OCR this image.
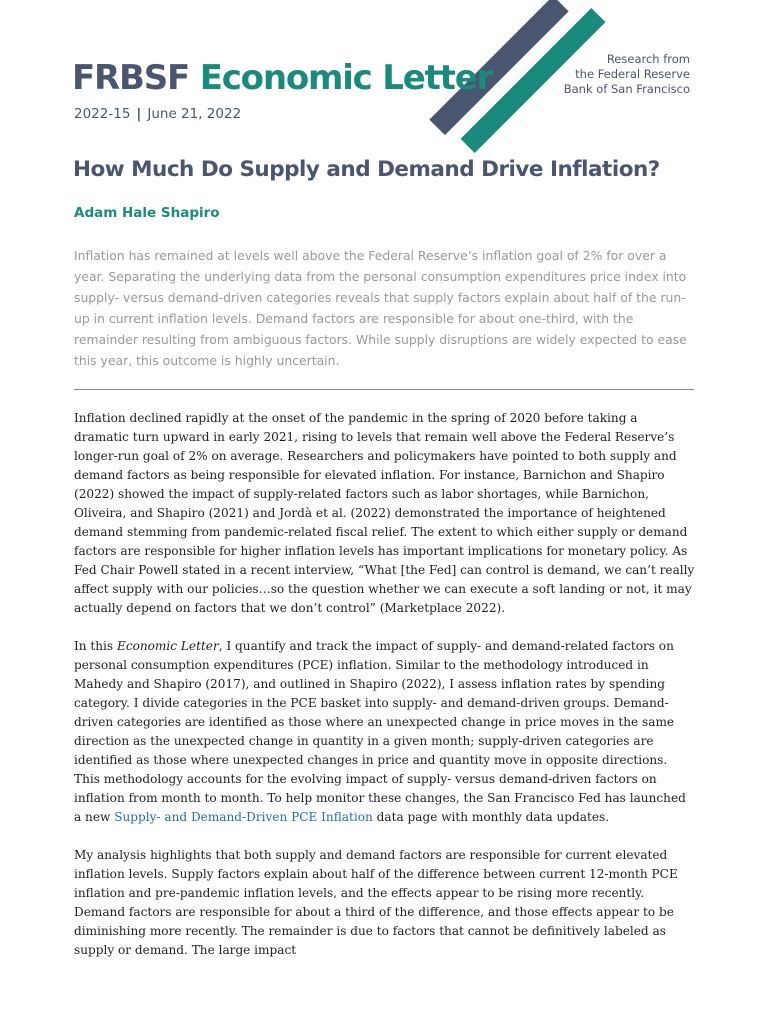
FRBSF Economic Letter	Research from
the Federal Reserve
Bank of San Francisco
2022-15 | June 21, 2022
How Much Do Supply and Demand Drive Inflation?
Adam Hale Shapiro

Inflation has remained at levels well above the Federal Reserve’s inflation goal of 2% for over a year. Separating the underlying data from the personal consumption expenditures price index into supply- versus demand-driven categories reveals that supply factors explain about half of the run-up in current inflation levels. Demand factors are responsible for about one-third, with the remainder resulting from ambiguous factors. While supply disruptions are widely expected to ease this year, this outcome is highly uncertain.

Inflation declined rapidly at the onset of the pandemic in the spring of 2020 before taking a dramatic turn upward in early 2021, rising to levels that remain well above the Federal Reserve’s longer-run goal of 2% on average. Researchers and policymakers have pointed to both supply and demand factors as being responsible for elevated inflation. For instance, Barnichon and Shapiro (2022) showed the impact of supply-related factors such as labor shortages, while Barnichon, Oliveira, and Shapiro (2021) and Jordà et al. (2022) demonstrated the importance of heightened demand stemming from pandemic-related fiscal relief. The extent to which either supply or demand factors are responsible for higher inflation levels has important implications for monetary policy. As Fed Chair Powell stated in a recent interview, “What [the Fed] can control is demand, we can’t really affect supply with our policies…so the question whether we can execute a soft landing or not, it may actually depend on factors that we don’t control” (Marketplace 2022).

In this Economic Letter, I quantify and track the impact of supply- and demand-related factors on personal consumption expenditures (PCE) inflation. Similar to the methodology introduced in Mahedy and Shapiro (2017), and outlined in Shapiro (2022), I assess inflation rates by spending category. I divide categories in the PCE basket into supply- and demand-driven groups. Demand-driven categories are identified as those where an unexpected change in price moves in the same direction as the unexpected change in quantity in a given month; supply-driven categories are identified as those where unexpected changes in price and quantity move in opposite directions. This methodology accounts for the evolving impact of supply- versus demand-driven factors on inflation from month to month. To help monitor these changes, the San Francisco Fed has launched a new Supply- and Demand-Driven PCE Inflation data page with monthly data updates.

My analysis highlights that both supply and demand factors are responsible for current elevated inflation levels. Supply factors explain about half of the difference between current 12-month PCE inflation and pre-pandemic inflation levels, and the effects appear to be rising more recently. Demand factors are responsible for about a third of the difference, and those effects appear to be diminishing more recently. The remainder is due to factors that cannot be definitively labeled as supply or demand. The large impact
